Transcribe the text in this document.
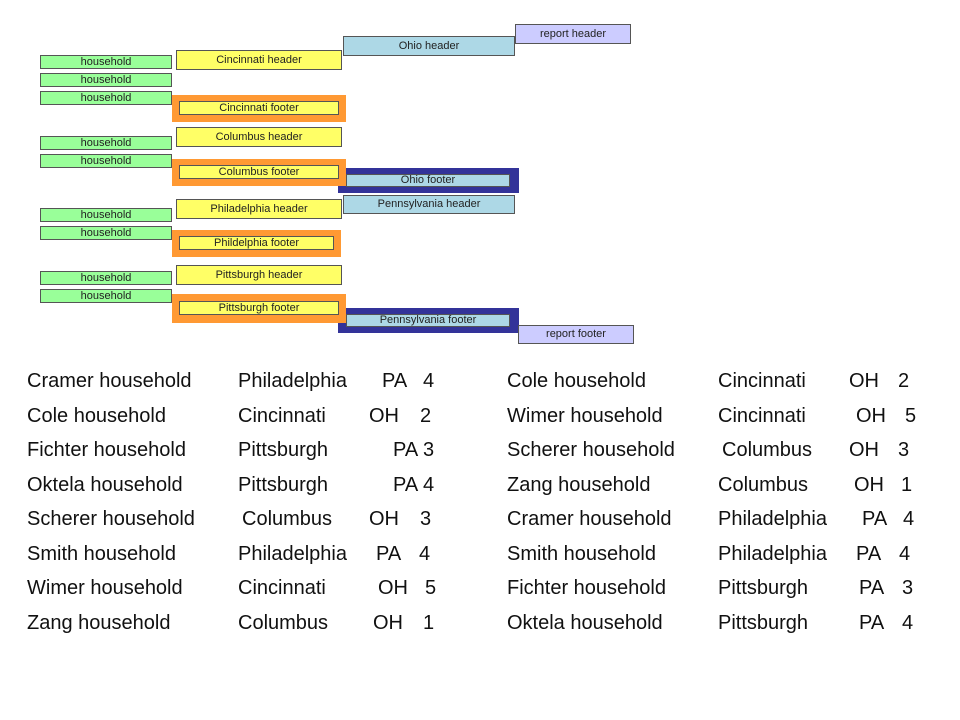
report header
Ohio header
Cincinnati header
household
household
household
Cincinnati footer
Columbus header
household
household
Ohio footer
Columbus footer
Pennsylvania header
Philadelphia header
household
household
Phildelphia footer
Pittsburgh header
household
household
Pennsylvania footer
Pittsburgh footer
report footer
Cramer household Philadelphia PA 4
Cole household	Cincinnati OH 2
Fichter household	Pittsburgh	PA 3
Oktela household	Pittsburgh	PA 4
Scherer household Columbus OH 3
Smith household	Philadelphia PA 4
Wimer household	Cincinnati	OH 5
Zang household	Columbus OH 1
Cole household	Cincinnati OH 2
Wimer household	Cincinnati	OH 5
Scherer household Columbus OH 3
Zang household	Columbus OH 1
Cramer household Philadelphia PA 4
Smith household	Philadelphia PA 4
Fichter household	Pittsburgh	PA 3
Oktela household	Pittsburgh	PA 4
